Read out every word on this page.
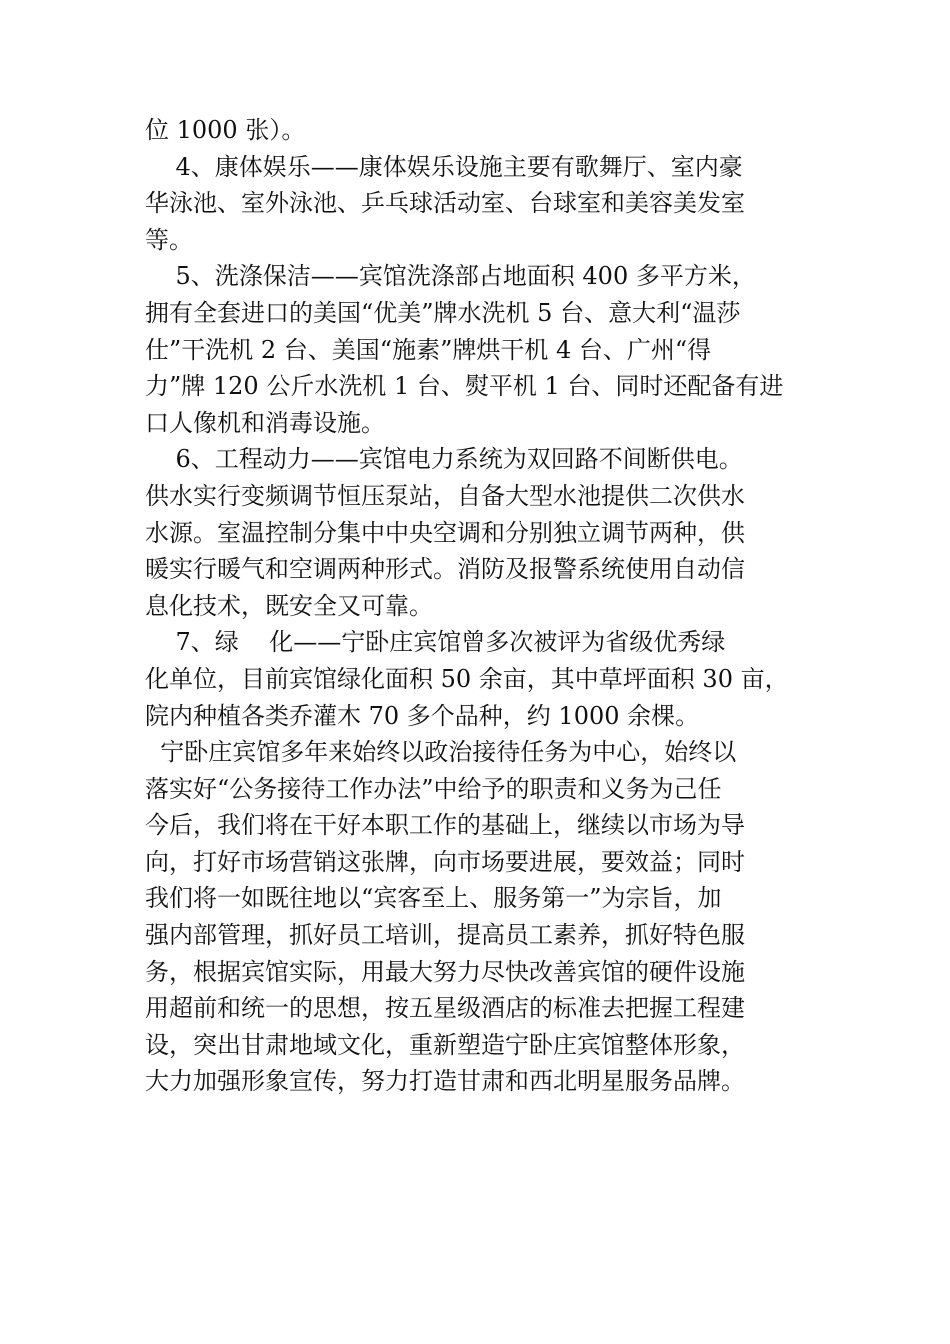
位 1000 张）。
4、康体娱乐——康体娱乐设施主要有歌舞厅、室内豪
华泳池、室外泳池、乒乓球活动室、台球室和美容美发室
等。
5、洗涤保洁——宾馆洗涤部占地面积 400 多平方米，
拥有全套进口的美国“优美”牌水洗机 5 台、意大利“温莎
仕”干洗机 2 台、美国“施素”牌烘干机 4 台、广州“得
力”牌 120 公斤水洗机 1 台、熨平机 1 台、同时还配备有进
口人像机和消毒设施。
6、工程动力——宾馆电力系统为双回路不间断供电。
供水实行变频调节恒压泵站，自备大型水池提供二次供水
水源。室温控制分集中中央空调和分别独立调节两种，供
暖实行暖气和空调两种形式。消防及报警系统使用自动信
息化技术，既安全又可靠。
7、绿    化——宁卧庄宾馆曾多次被评为省级优秀绿
化单位，目前宾馆绿化面积 50 余亩，其中草坪面积 30 亩，
院内种植各类乔灌木 70 多个品种，约 1000 余棵。
宁卧庄宾馆多年来始终以政治接待任务为中心，始终以
落实好“公务接待工作办法”中给予的职责和义务为己任
今后，我们将在干好本职工作的基础上，继续以市场为导
向，打好市场营销这张牌，向市场要进展，要效益；同时
我们将一如既往地以“宾客至上、服务第一”为宗旨，加
强内部管理，抓好员工培训，提高员工素养，抓好特色服
务，根据宾馆实际，用最大努力尽快改善宾馆的硬件设施
用超前和统一的思想，按五星级酒店的标准去把握工程建
设，突出甘肃地域文化，重新塑造宁卧庄宾馆整体形象，
大力加强形象宣传，努力打造甘肃和西北明星服务品牌。
